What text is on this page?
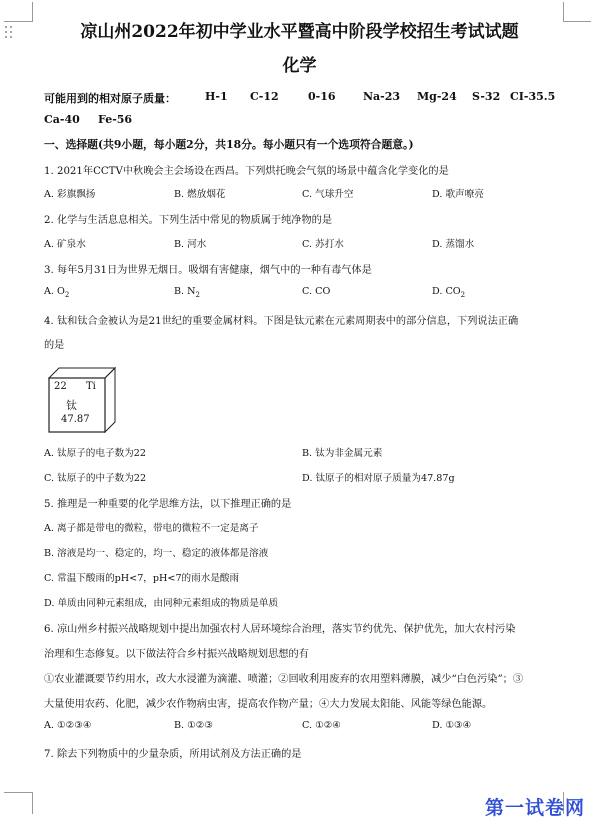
凉山州2022年初中学业水平暨高中阶段学校招生考试试题
化学
可能用到的相对原子质量：	H-1 C-12	0-16 Na-23 Mg-24 S-32 CI-35.5
Ca-40 Fe-56
一、选择题(共9小题，每小题2分，共18分。每小题只有一个选项符合题意。)
1. 2021年CCTV中秋晚会主会场设在西昌。下列烘托晚会气氛的场景中蕴含化学变化的是
A. 彩旗飘扬	B. 燃放烟花	C. 气球升空	D. 歌声嘹亮
2. 化学与生活息息相关。下列生活中常见的物质属于纯净物的是
A. 矿泉水	B. 河水	C. 苏打水	D. 蒸馏水
3. 每年5月31日为世界无烟日。吸烟有害健康，烟气中的一种有毒气体是
A. $O_2$	B. $N_2$	C. CO	D. $CO_2$
4. 钛和钛合金被认为是21世纪的重要金属材料。下图是钛元素在元素周期表中的部分信息，下列说法正确
的是
22 Ti
钛
47.87
A. 钛原子的电子数为22	B. 钛为非金属元素
C. 钛原子的中子数为22	D. 钛原子的相对原子质量为47.87g
5. 推理是一种重要的化学思维方法，以下推理正确的是
A. 离子都是带电的微粒，带电的微粒不一定是离子
B. 溶液是均一、稳定的，均一、稳定的液体都是溶液
C. 常温下酸雨的pH<7，pH<7的雨水是酸雨
D. 单质由同种元素组成，由同种元素组成的物质是单质
6. 凉山州乡村振兴战略规划中提出加强农村人居环境综合治理，落实节约优先、保护优先，加大农村污染
治理和生态修复。以下做法符合乡村振兴战略规划思想的有
①农业灌溉要节约用水，改大水浸灌为滴灌、喷灌；②回收利用废弃的农用塑料薄膜，减少“白色污染”；③
大量使用农药、化肥，减少农作物病虫害，提高农作物产量；④大力发展太阳能、风能等绿色能源。
A. ①②③④	B. ①②③	C. ①②④	D. ①③④
7. 除去下列物质中的少量杂质，所用试剂及方法正确的是
第一试卷网
